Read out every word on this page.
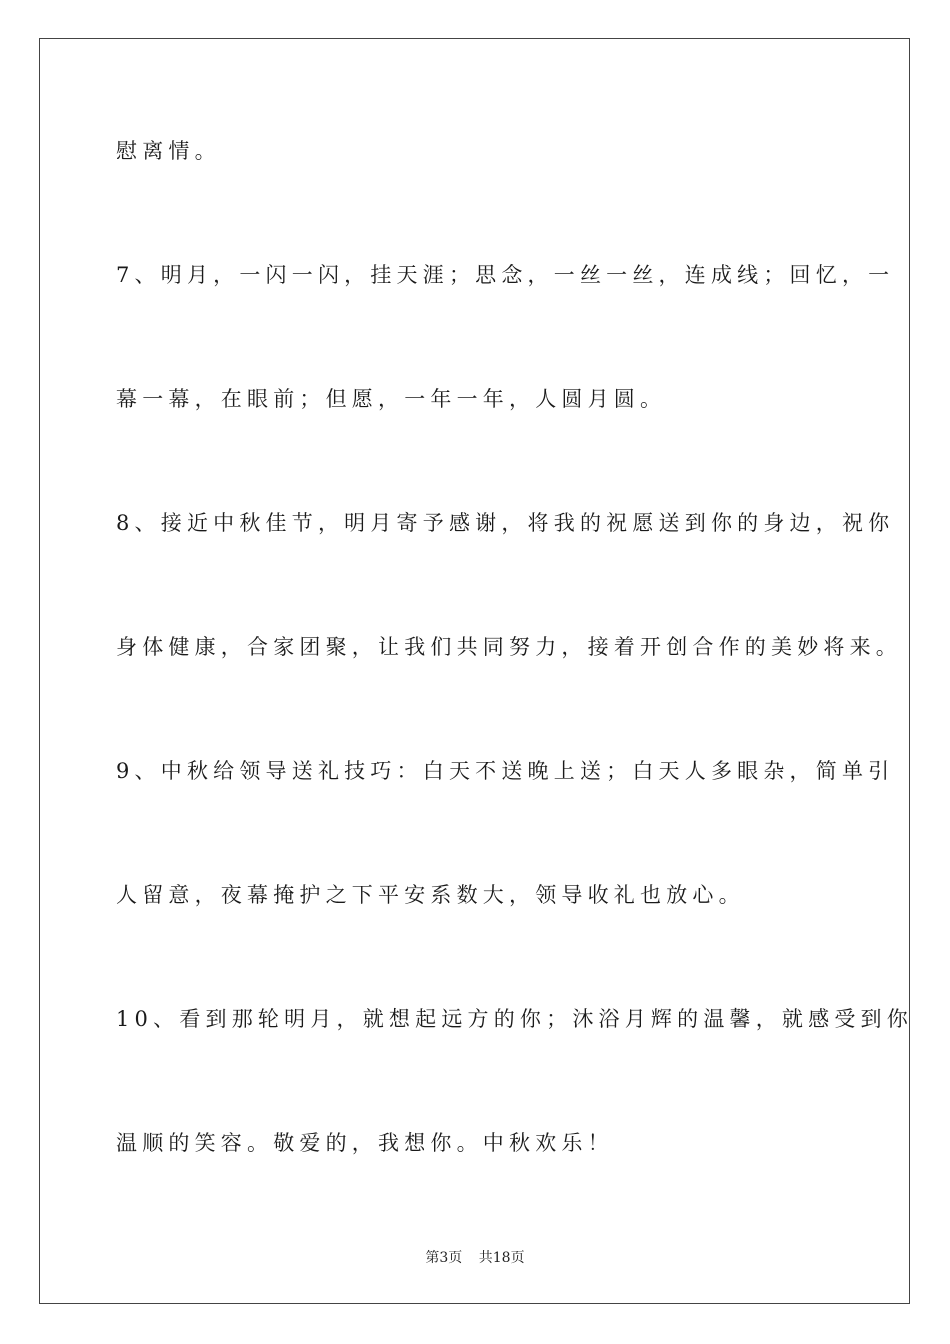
慰离情。
7、明月，一闪一闪，挂天涯；思念，一丝一丝，连成线；回忆，一
幕一幕，在眼前；但愿，一年一年，人圆月圆。
8、接近中秋佳节，明月寄予感谢，将我的祝愿送到你的身边，祝你
身体健康，合家团聚，让我们共同努力，接着开创合作的美妙将来。
9、中秋给领导送礼技巧：白天不送晚上送；白天人多眼杂，简单引
人留意，夜幕掩护之下平安系数大，领导收礼也放心。
10、看到那轮明月，就想起远方的你；沐浴月辉的温馨，就感受到你
温顺的笑容。敬爱的，我想你。中秋欢乐！
第3页 共18页
